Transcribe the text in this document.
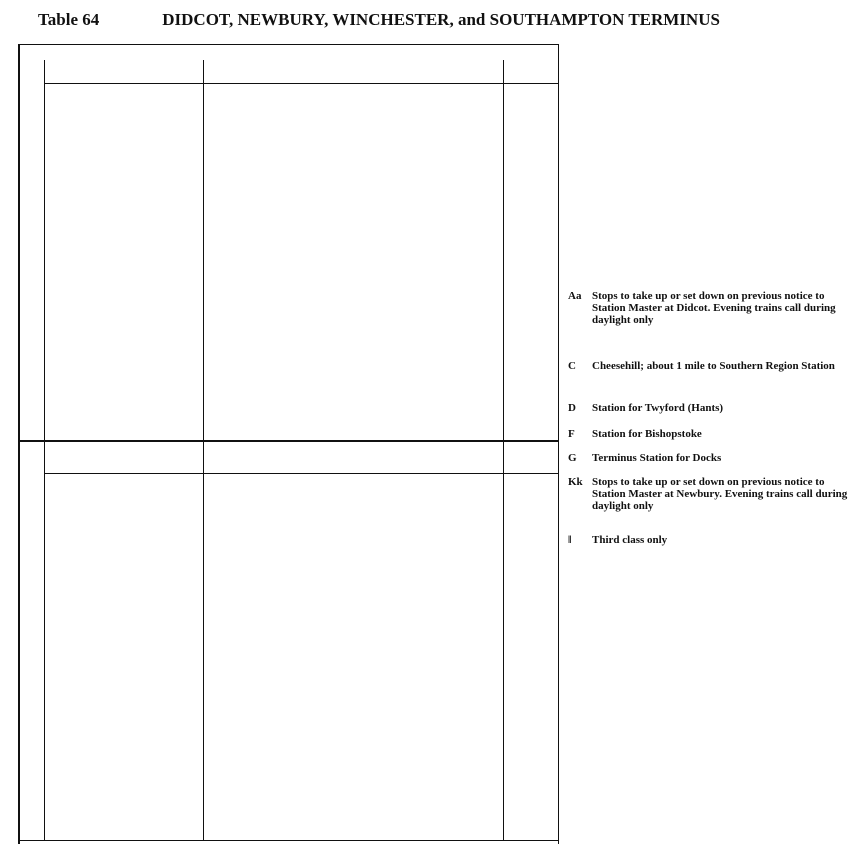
Table 64	DIDCOT, NEWBURY, WINCHESTER, and SOUTHAMPTON TERMINUS
Aa Stops to take up or set down on previous notice to Station Master at Didcot. Evening trains call during daylight only
C	Cheesehill; about 1 mile to Southern Region Station
D	Station for Twyford (Hants)
F	Station for Bishopstoke
G	Terminus Station for Docks
Kk Stops to take up or set down on previous notice to Station Master at Newbury. Evening trains call during daylight only
‖	Third class only
